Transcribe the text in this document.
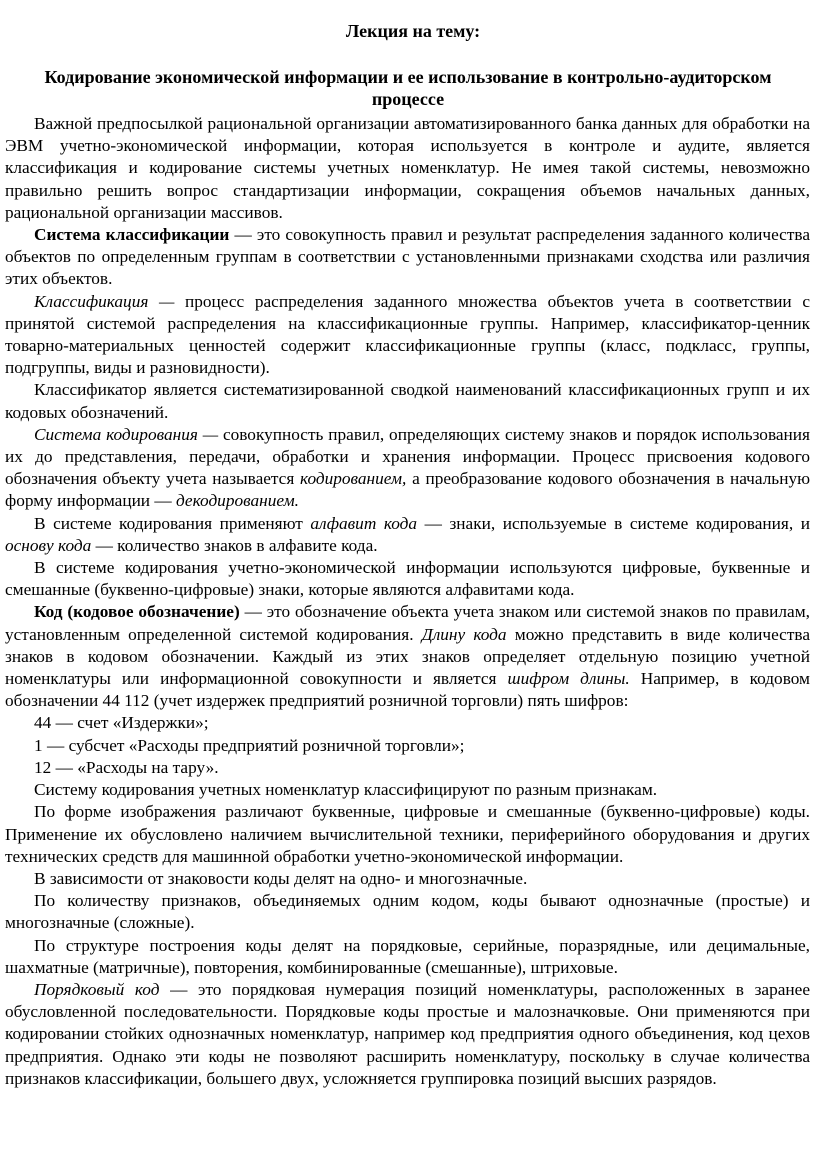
Лекция на тему:
Кодирование экономической информации и ее использование в контрольно-аудиторском процессе

Важной предпосылкой рациональной организации автоматизированного банка данных для обработки на ЭВМ учетно-экономической информации, которая используется в контроле и аудите, является классификация и кодирование системы учетных номенклатур. Не имея такой системы, невозможно правильно решить вопрос стандартизации информации, сокращения объемов начальных данных, рациональной организации массивов.

Система классификации — это совокупность правил и результат распределения заданного количества объектов по определенным группам в соответствии с установленными признаками сходства или различия этих объектов.

Классификация — процесс распределения заданного множества объектов учета в соответствии с принятой системой распределения на классификационные группы. Например, классификатор-ценник товарно-материальных ценностей содержит классификационные группы (класс, подкласс, группы, подгруппы, виды и разновидности).

Классификатор является систематизированной сводкой наименований классификационных групп и их кодовых обозначений.

Система кодирования — совокупность правил, определяющих систему знаков и порядок использования их до представления, передачи, обработки и хранения информации. Процесс присвоения кодового обозначения объекту учета называется кодированием, а преобразование кодового обозначения в начальную форму информации — декодированием.

В системе кодирования применяют алфавит кода — знаки, используемые в системе кодирования, и основу кода — количество знаков в алфавите кода.

В системе кодирования учетно-экономической информации используются цифровые, буквенные и смешанные (буквенно-цифровые) знаки, которые являются алфавитами кода.

Код (кодовое обозначение) — это обозначение объекта учета знаком или системой знаков по правилам, установленным определенной системой кодирования. Длину кода можно представить в виде количества знаков в кодовом обозначении. Каждый из этих знаков определяет отдельную позицию учетной номенклатуры или информационной совокупности и является шифром длины. Например, в кодовом обозначении 44 112 (учет издержек предприятий розничной торговли) пять шифров:

44 — счет «Издержки»;

1 — субсчет «Расходы предприятий розничной торговли»;

12 — «Расходы на тару».

Систему кодирования учетных номенклатур классифицируют по разным признакам.

По форме изображения различают буквенные, цифровые и смешанные (буквенно-цифровые) коды. Применение их обусловлено наличием вычислительной техники, периферийного оборудования и других технических средств для машинной обработки учетно-экономической информации.

В зависимости от знаковости коды делят на одно- и многозначные.

По количеству признаков, объединяемых одним кодом, коды бывают однозначные (простые) и многозначные (сложные).

По структуре построения коды делят на порядковые, серийные, поразрядные, или децимальные, шахматные (матричные), повторения, комбинированные (смешанные), штриховые.

Порядковый код — это порядковая нумерация позиций номенклатуры, расположенных в заранее обусловленной последовательности. Порядковые коды простые и малозначковые. Они применяются при кодировании стойких однозначных номенклатур, например код предприятия одного объединения, код цехов предприятия. Однако эти коды не позволяют расширить номенклатуру, поскольку в случае количества признаков классификации, большего двух, усложняется группировка позиций высших разрядов.
